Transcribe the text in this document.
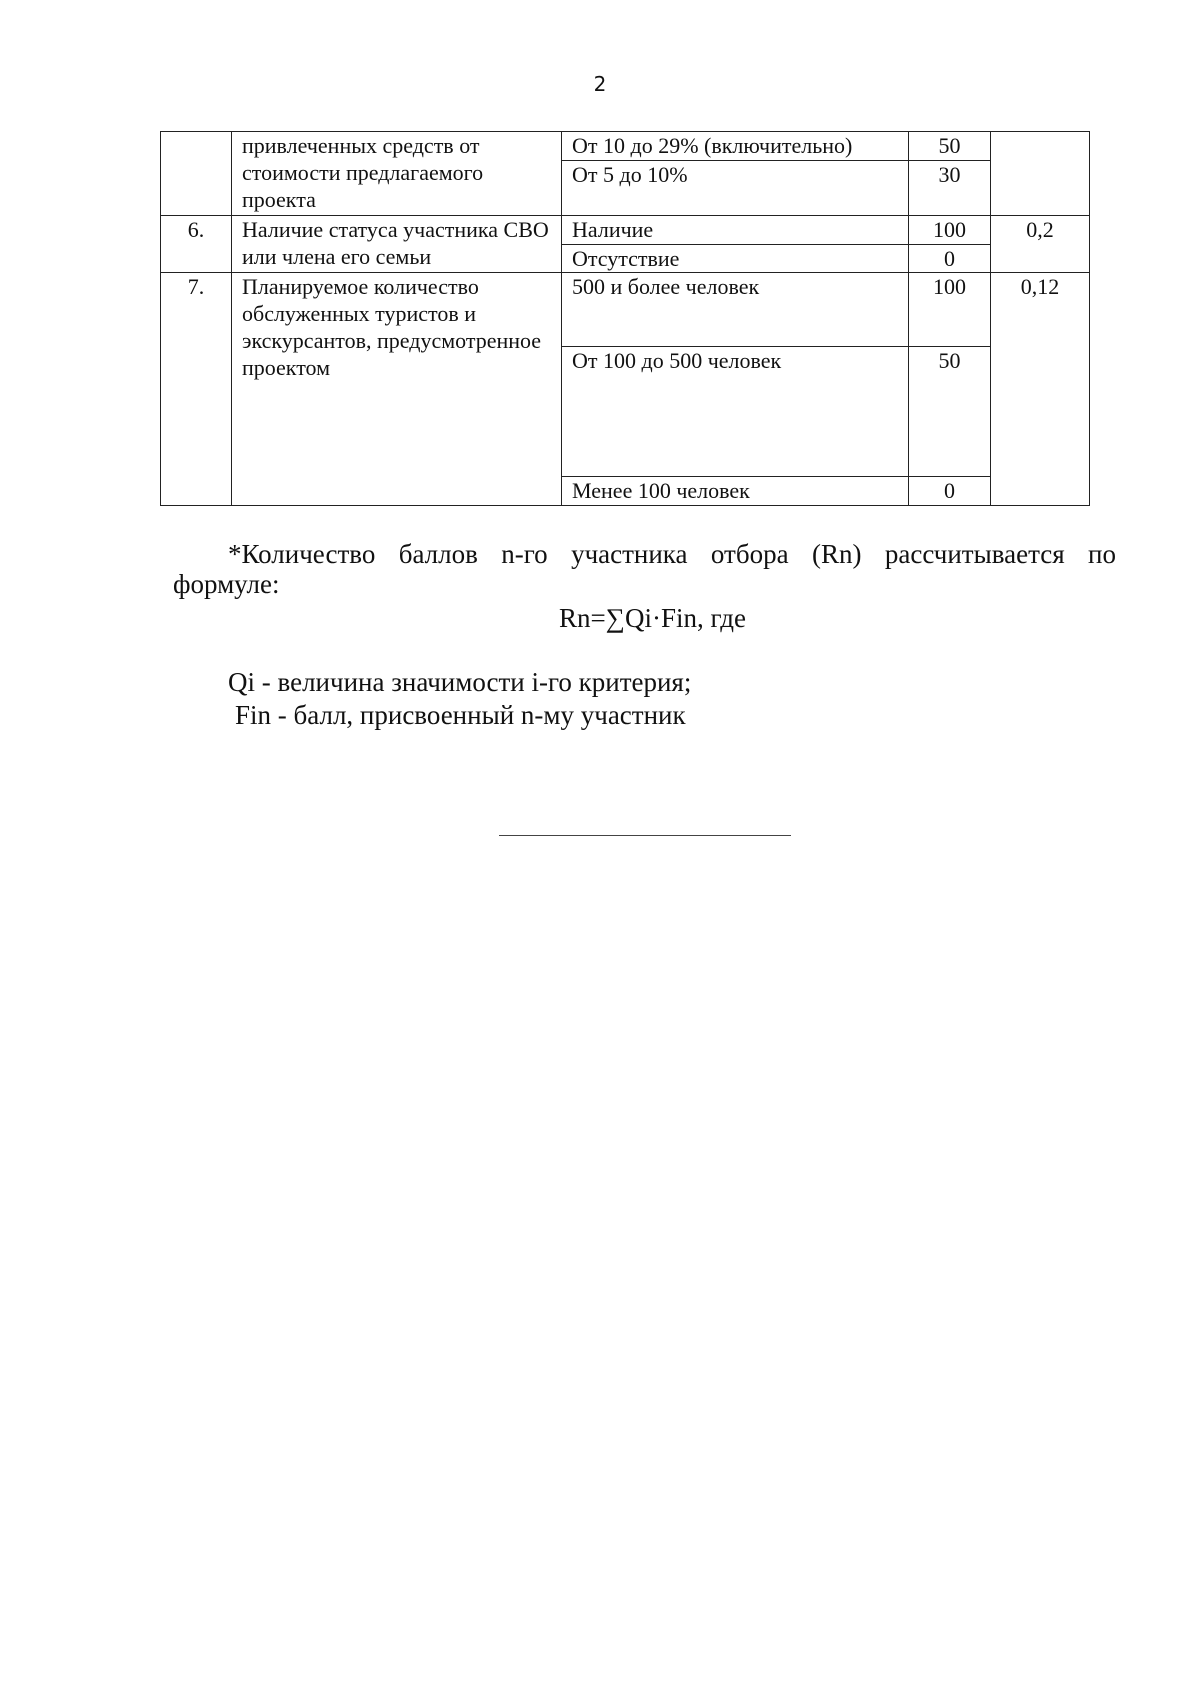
2
	привлеченных средств от стоимости предлагаемого проекта	От 10 до 29% (включительно)	50	
		От 5 до 10%	30	
6.	Наличие статуса участника СВО или члена его семьи	Наличие	100	0,2
		Отсутствие	0	
7.	Планируемое количество обслуженных туристов и экскурсантов, предусмотренное проектом	500 и более человек	100	0,12
		От 100 до 500 человек	50	
		Менее 100 человек	0	
*Количество баллов n-го участника отбора (Rn) рассчитывается по
формуле:
Rn=∑Qi·Fin, где
Qi - величина значимости i-го критерия;
Fin - балл, присвоенный n-му участник
